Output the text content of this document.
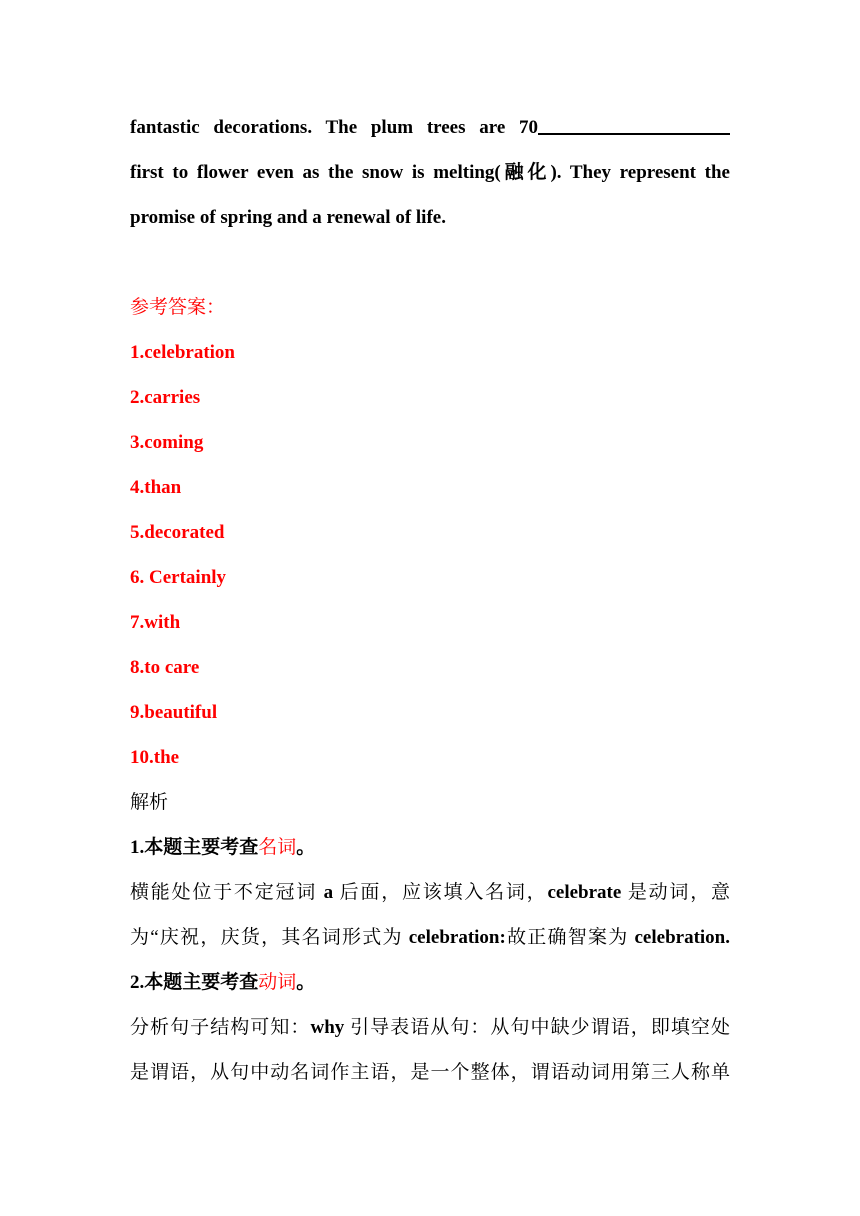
fantastic decorations. The plum trees are 70
first to flower even as the snow is melting(融化). They represent the
promise of spring and a renewal of life.
参考答案：
1.celebration
2.carries
3.coming
4.than
5.decorated
6. Certainly
7.with
8.to care
9.beautiful
10.the
解析
1.本题主要考查名词。
横能处位于不定冠词 a 后面，应该填入名词，celebrate 是动词，意
为“庆祝，庆货，其名词形式为 celebration:故正确智案为 celebration.
2.本题主要考查动词。
分析句子结构可知：why 引导表语从句：从句中缺少谓语，即填空处
是谓语，从句中动名词作主语，是一个整体，谓语动词用第三人称单
